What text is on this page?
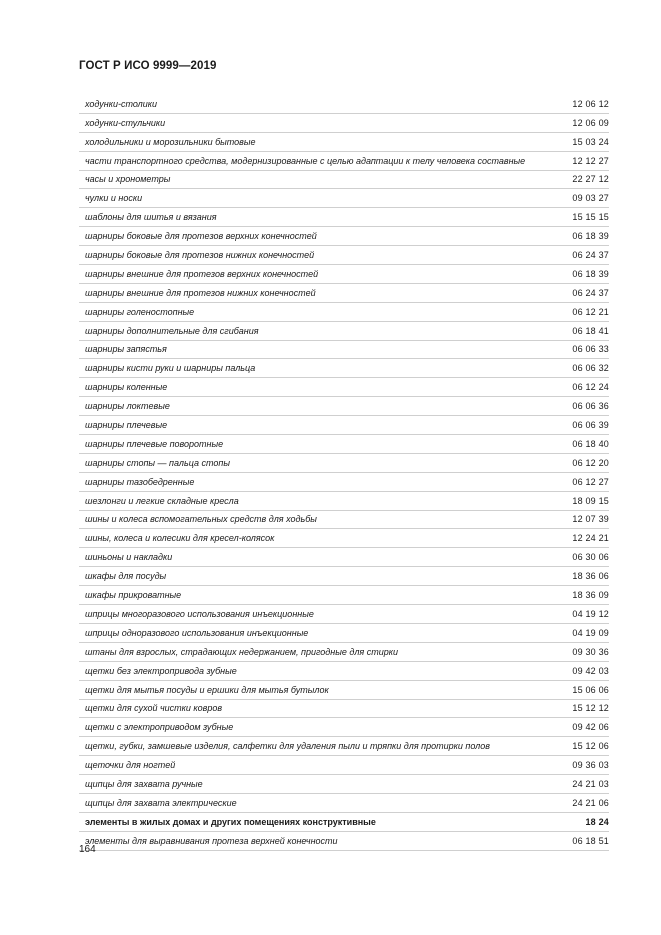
ГОСТ Р ИСО 9999—2019
ходунки-столики	12 06 12
ходунки-стульчики	12 06 09
холодильники и морозильники бытовые	15 03 24
части транспортного средства, модернизированные с целью адаптации к телу человека составные	12 12 27
часы и хронометры	22 27 12
чулки и носки	09 03 27
шаблоны для шитья и вязания	15 15 15
шарниры боковые для протезов верхних конечностей	06 18 39
шарниры боковые для протезов нижних конечностей	06 24 37
шарниры внешние для протезов верхних конечностей	06 18 39
шарниры внешние для протезов нижних конечностей	06 24 37
шарниры голеностопные	06 12 21
шарниры дополнительные для сгибания	06 18 41
шарниры запястья	06 06 33
шарниры кисти руки и шарниры пальца	06 06 32
шарниры коленные	06 12 24
шарниры локтевые	06 06 36
шарниры плечевые	06 06 39
шарниры плечевые поворотные	06 18 40
шарниры стопы — пальца стопы	06 12 20
шарниры тазобедренные	06 12 27
шезлонги и легкие складные кресла	18 09 15
шины и колеса вспомогательных средств для ходьбы	12 07 39
шины, колеса и колесики для кресел-колясок	12 24 21
шиньоны и накладки	06 30 06
шкафы для посуды	18 36 06
шкафы прикроватные	18 36 09
шприцы многоразового использования инъекционные	04 19 12
шприцы одноразового использования инъекционные	04 19 09
штаны для взрослых, страдающих недержанием, пригодные для стирки	09 30 36
щетки без электропривода зубные	09 42 03
щетки для мытья посуды и ершики для мытья бутылок	15 06 06
щетки для сухой чистки ковров	15 12 12
щетки с электроприводом зубные	09 42 06
щетки, губки, замшевые изделия, салфетки для удаления пыли и тряпки для протирки полов	15 12 06
щеточки для ногтей	09 36 03
щипцы для захвата ручные	24 21 03
щипцы для захвата электрические	24 21 06
элементы в жилых домах и других помещениях конструктивные	18 24
элементы для выравнивания протеза верхней конечности	06 18 51

164
